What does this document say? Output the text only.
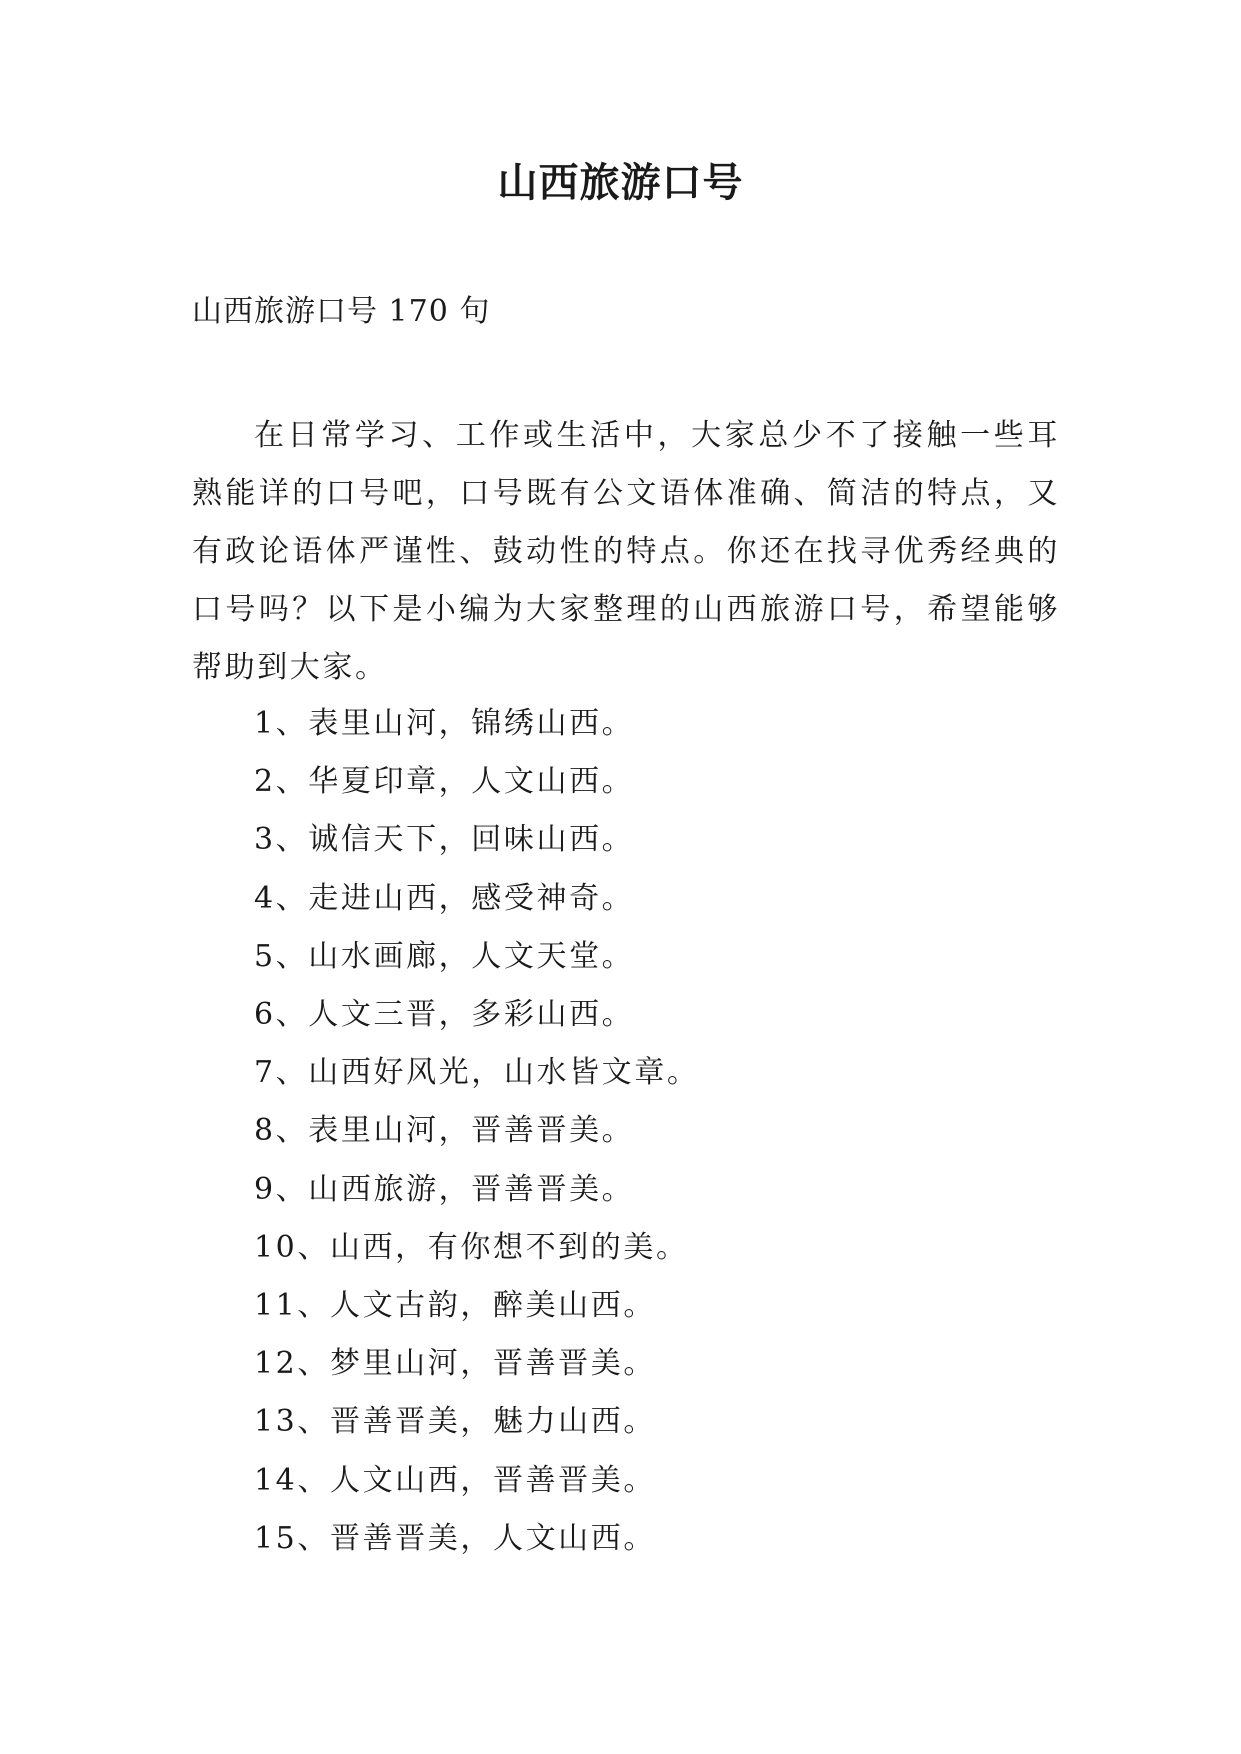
山西旅游口号
山西旅游口号 170 句

在日常学习、工作或生活中，大家总少不了接触一些耳熟能详的口号吧，口号既有公文语体准确、简洁的特点，又有政论语体严谨性、鼓动性的特点。你还在找寻优秀经典的口号吗？以下是小编为大家整理的山西旅游口号，希望能够帮助到大家。

1、表里山河，锦绣山西。
2、华夏印章，人文山西。
3、诚信天下，回味山西。
4、走进山西，感受神奇。
5、山水画廊，人文天堂。
6、人文三晋，多彩山西。
7、山西好风光，山水皆文章。
8、表里山河，晋善晋美。
9、山西旅游，晋善晋美。
10、山西，有你想不到的美。
11、人文古韵，醉美山西。
12、梦里山河，晋善晋美。
13、晋善晋美，魅力山西。
14、人文山西，晋善晋美。
15、晋善晋美，人文山西。
